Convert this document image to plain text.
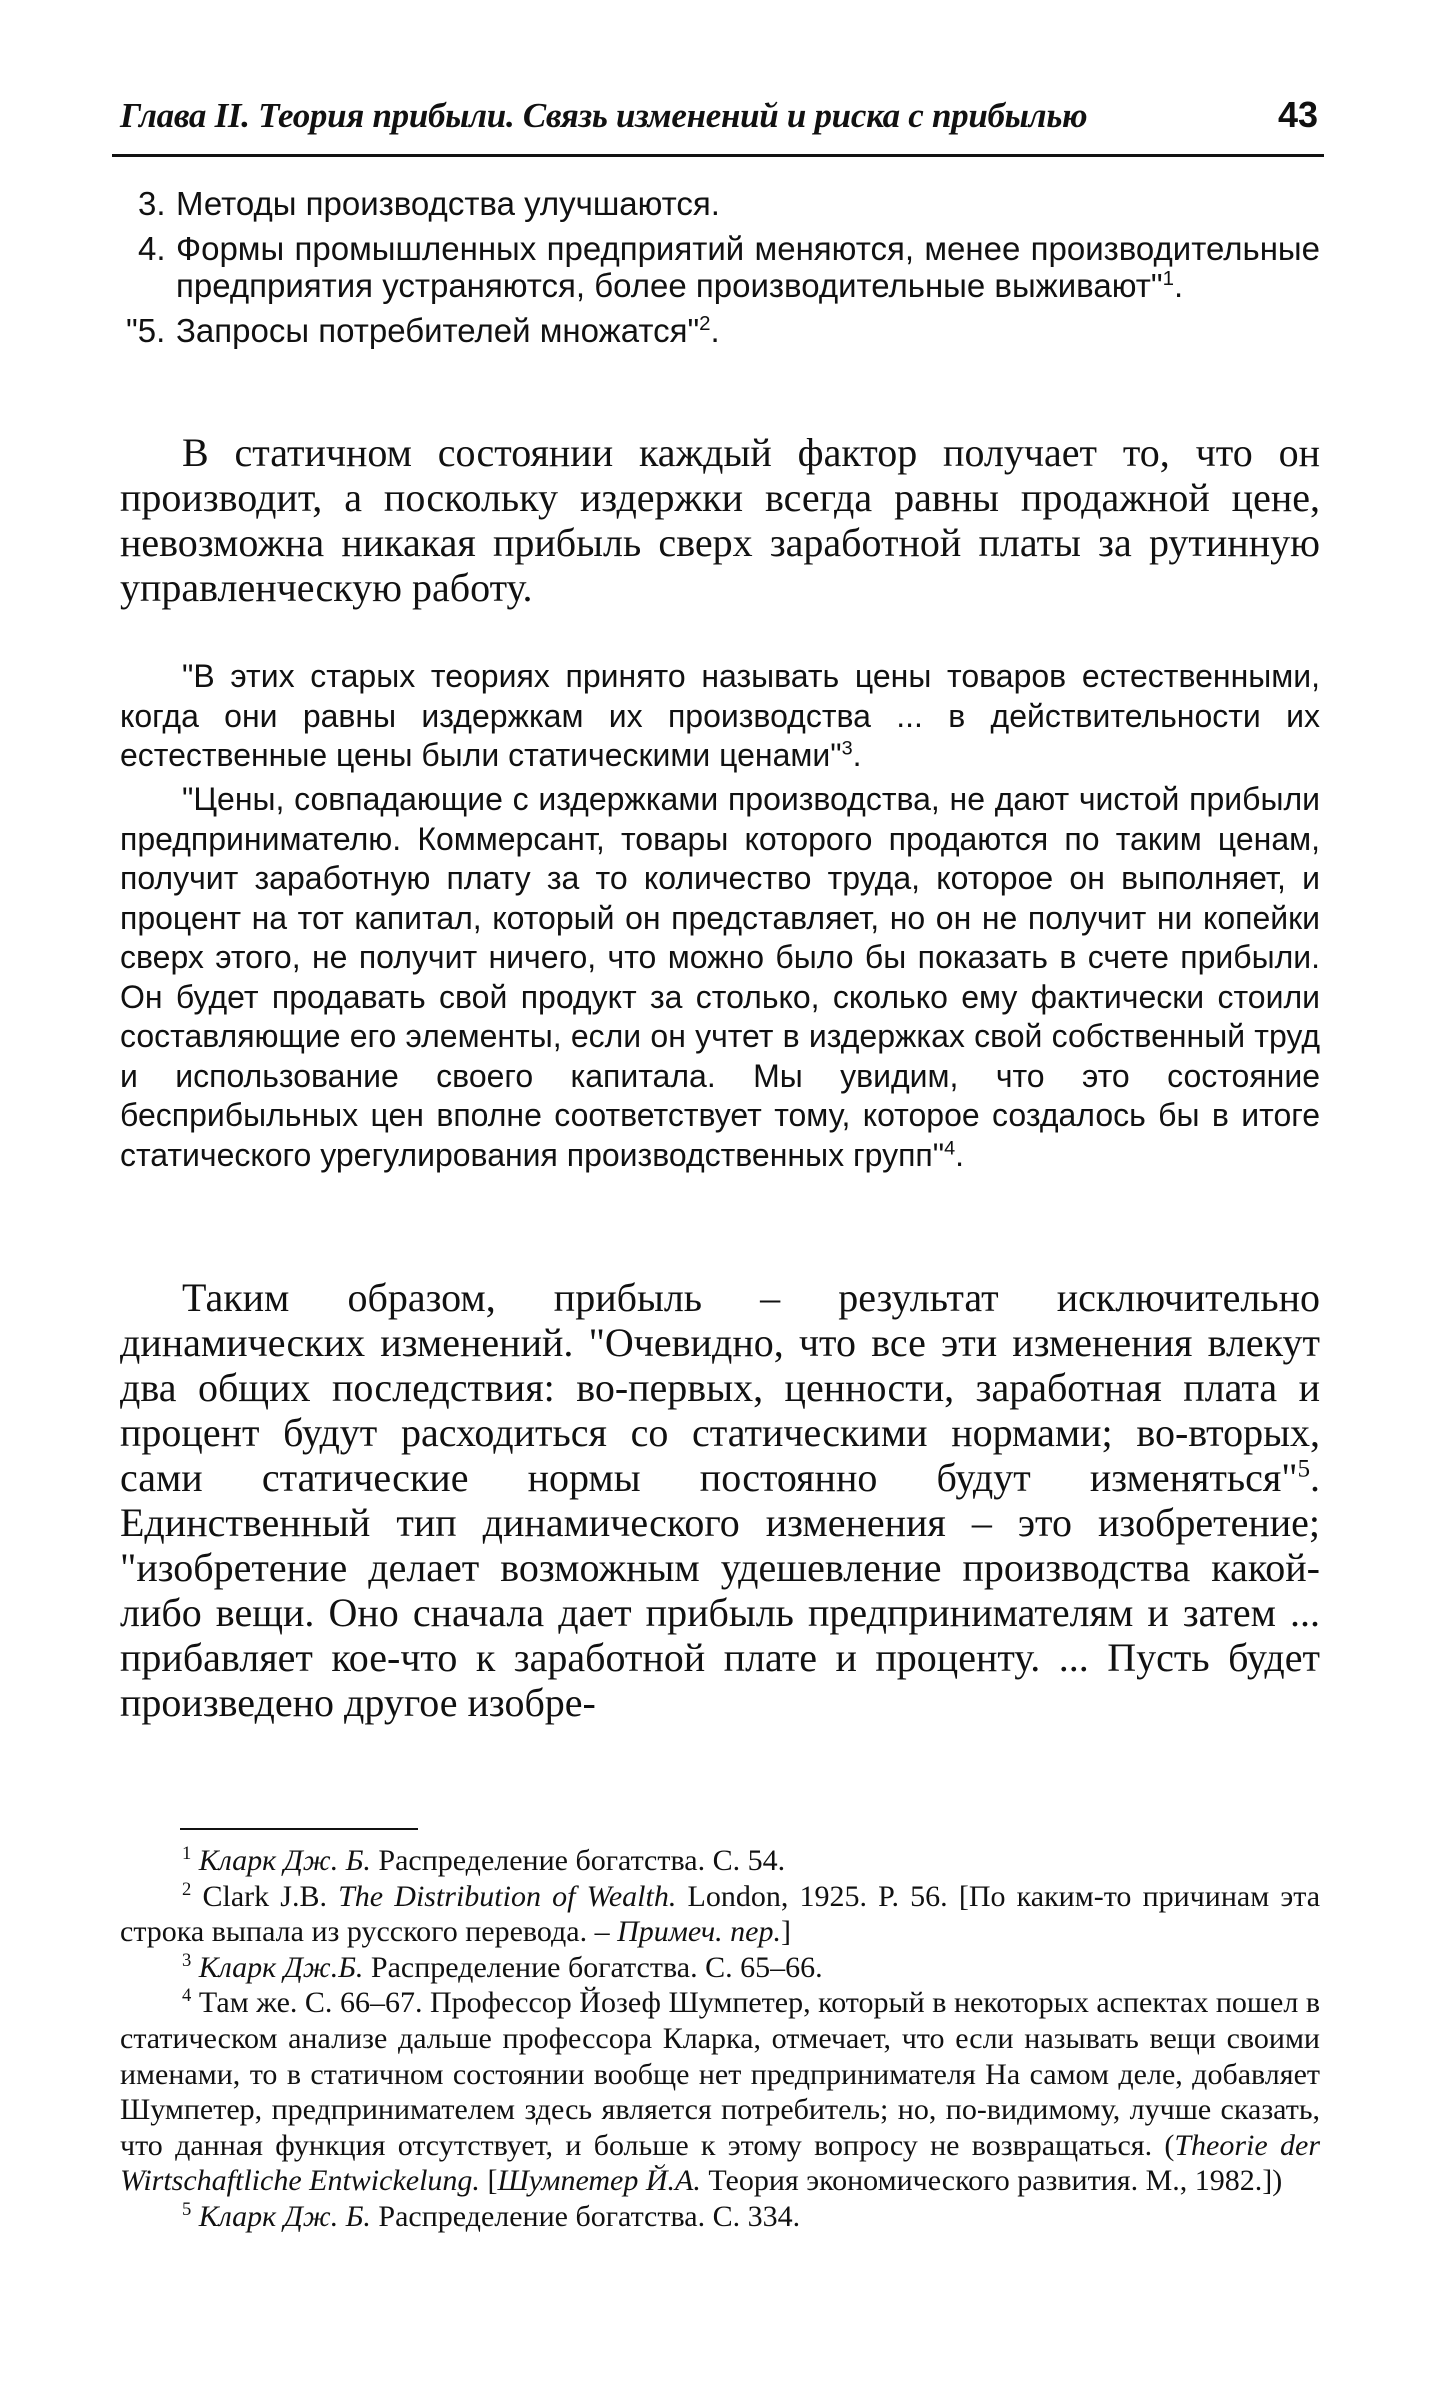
Глава II. Теория прибыли. Связь изменений и риска с прибылью	43
3. Методы производства улучшаются.
4. Формы промышленных предприятий меняются, менее производительные предприятия устраняются, более производительные выживают"$^1$.
"5. Запросы потребителей множатся"$^2$.

В статичном состоянии каждый фактор получает то, что он производит, а поскольку издержки всегда равны продажной цене, невозможна никакая прибыль сверх заработной платы за рутинную управленческую работу.

"В этих старых теориях принято называть цены товаров естественными, когда они равны издержкам их производства ... в действительности их естественные цены были статическими ценами"$^3$.

"Цены, совпадающие с издержками производства, не дают чистой прибыли предпринимателю. Коммерсант, товары которого продаются по таким ценам, получит заработную плату за то количество труда, которое он выполняет, и процент на тот капитал, который он представляет, но он не получит ни копейки сверх этого, не получит ничего, что можно было бы показать в счете прибыли. Он будет продавать свой продукт за столько, сколько ему фактически стоили составляющие его элементы, если он учтет в издержках свой собственный труд и использование своего капитала. Мы увидим, что это состояние бесприбыльных цен вполне соответствует тому, которое создалось бы в итоге статического урегулирования производственных групп"$^4$.

Таким образом, прибыль – результат исключительно динамических изменений. "Очевидно, что все эти изменения влекут два общих последствия: во-первых, ценности, заработная плата и процент будут расходиться со статическими нормами; во-вторых, сами статические нормы постоянно будут изменяться"$^5$. Единственный тип динамического изменения – это изобретение; "изобретение делает возможным удешевление производства какой-либо вещи. Оно сначала дает прибыль предпринимателям и затем ... прибавляет кое-что к заработной плате и проценту. ... Пусть будет произведено другое изобре-

$^1$ Кларк Дж. Б. Распределение богатства. С. 54.

$^2$ Clark J.B. The Distribution of Wealth. London, 1925. P. 56. [По каким-то причинам эта строка выпала из русского перевода. – Примеч. пер.]

$^3$ Кларк Дж.Б. Распределение богатства. С. 65–66.

$^4$ Там же. С. 66–67. Профессор Йозеф Шумпетер, который в некоторых аспектах пошел в статическом анализе дальше профессора Кларка, отмечает, что если называть вещи своими именами, то в статичном состоянии вообще нет предпринимателя На самом деле, добавляет Шумпетер, предпринимателем здесь является потребитель; но, по-видимому, лучше сказать, что данная функция отсутствует, и больше к этому вопросу не возвращаться. (Theorie der Wirtschaftliche Entwickelung. [Шумпетер Й.А. Теория экономического развития. М., 1982.])

$^5$ Кларк Дж. Б. Распределение богатства. С. 334.
